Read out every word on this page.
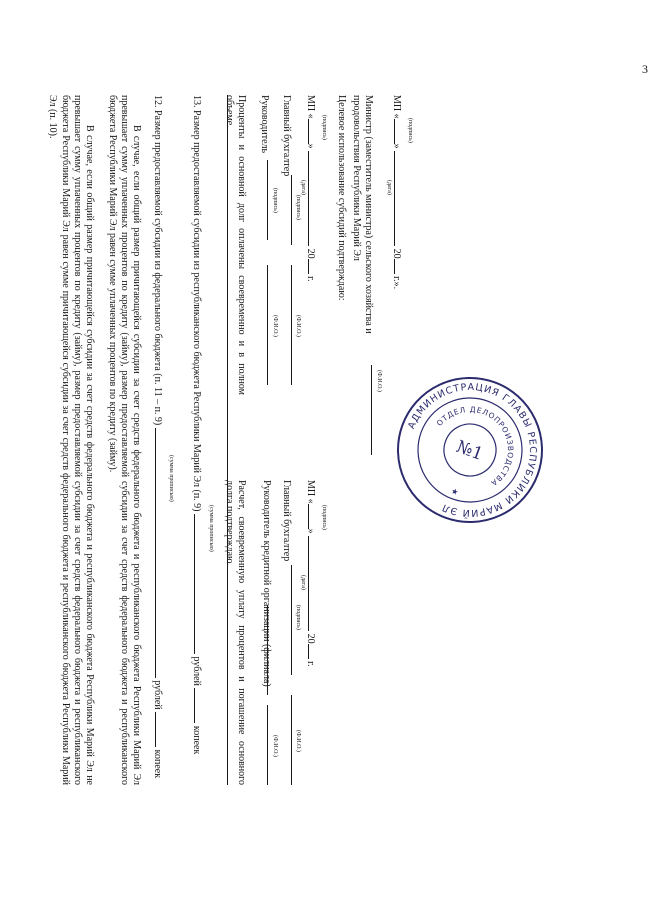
3
В случае, если общий размер причитающейся субсидии за счет средств федерального бюджета и республиканского бюджета Республики Марий Эл не превышает сумму уплаченных процентов по кредиту (займу), размер предоставляемой субсидии за счет средств федерального бюджета и республиканского бюджета Республики Марий Эл равен сумме причитающейся субсидии за счет средств федерального бюджета и республиканского бюджета Республики Марий Эл (п. 10).
В случае, если общий размер причитающейся субсидии за счет средств федерального бюджета и республиканского бюджета Республики Марий Эл превышает сумму уплаченных процентов по кредиту (займу), размер предоставляемой субсидии за счет средств федерального бюджета и республиканского бюджета Республики Марий Эл равен сумме уплаченных процентов по кредиту (займу).	12. Размер предоставляемой субсидии из федерального бюджета (п. 11 – п. 9)  рублей  копеек
(сумма прописью) 13. Размер предоставляемой субсидии из республиканского бюджета Республики Марий Эл (п. 9)  рублей  копеек
(сумма прописью)
Проценты и основной долг оплачены своевременно и в полном объеме.	Руководитель
(подпись)
(Ф.И.О.)
Главный бухгалтер
(подпись)
(Ф.И.О.)
МП «»  20 г.
(подпись)
(дата)
Расчет, своевременную уплату процентов и погашение основного долга подтверждаю.	Руководитель кредитной организации (филиала)
(Ф.И.О.)
Главный бухгалтер
(подпись)
(Ф.И.О.)
МП «»  20 г.
(подпись)
(дата)
Целевое использование субсидий подтверждаю:	Министр (заместитель министра) сельского хозяйства и продовольствия Республики Марий Эл
(Ф.И.О.)
МП «»  20 г.».
(подпись)
(дата)
АДМИНИСТРАЦИЯ ГЛАВЫ РЕСПУБЛИКИ МАРИЙ ЭЛ
ОТДЕЛ ДЕЛОПРОИЗВОДСТВА
№1
★
